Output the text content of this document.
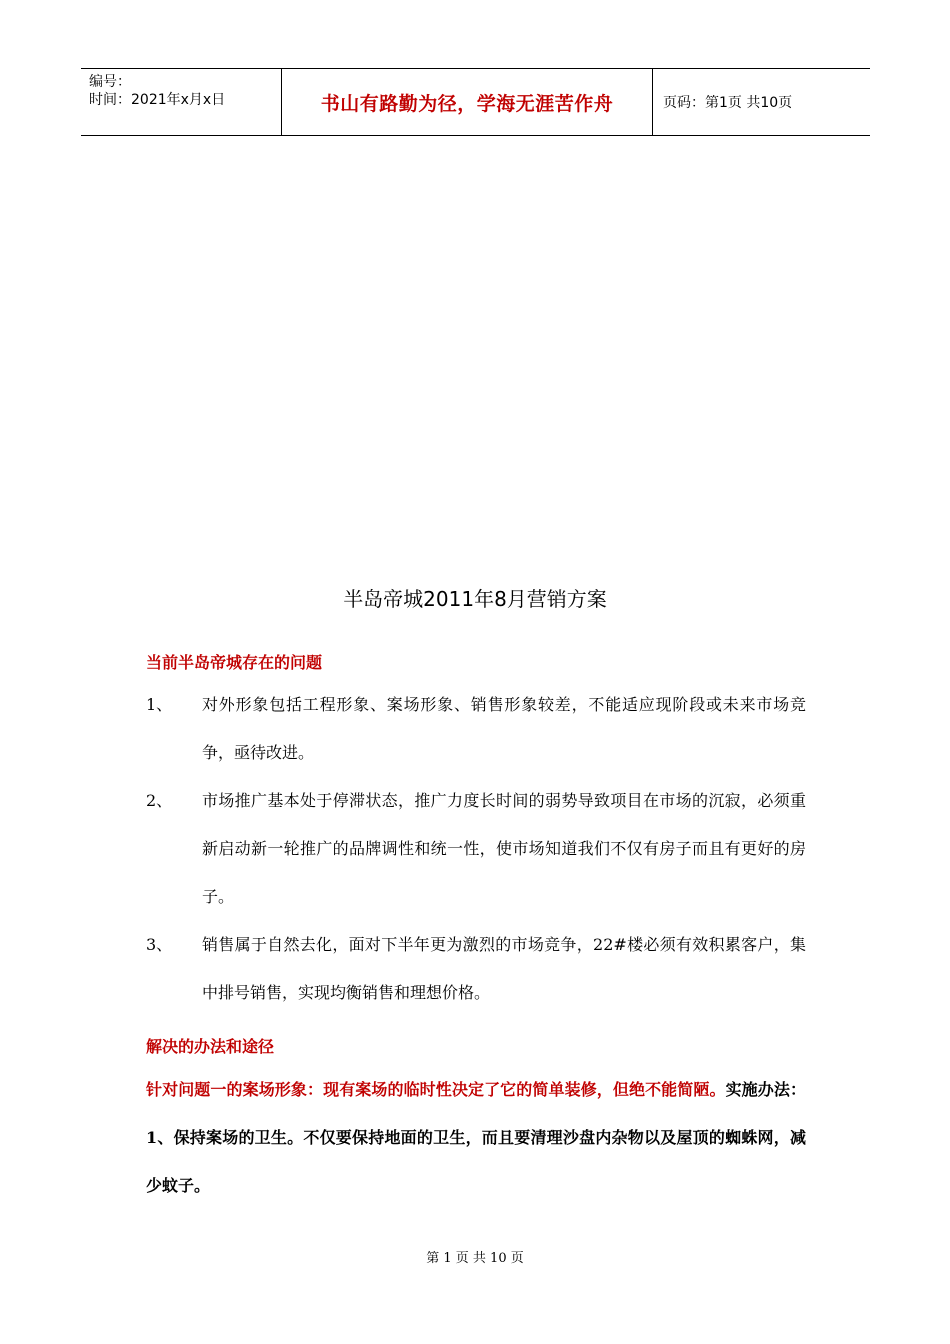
编号：
时间：2021年x月x日	书山有路勤为径，学海无涯苦作舟	页码：第1页 共10页
半岛帝城2011年8月营销方案
当前半岛帝城存在的问题
1、 对外形象包括工程形象、案场形象、销售形象较差，不能适应现阶段或未来市场竞争，亟待改进。
2、 市场推广基本处于停滞状态，推广力度长时间的弱势导致项目在市场的沉寂，必须重新启动新一轮推广的品牌调性和统一性，使市场知道我们不仅有房子而且有更好的房子。
3、 销售属于自然去化，面对下半年更为激烈的市场竞争，22#楼必须有效积累客户，集中排号销售，实现均衡销售和理想价格。
解决的办法和途径
针对问题一的案场形象：现有案场的临时性决定了它的简单装修，但绝不能简陋。实施办法：1、保持案场的卫生。不仅要保持地面的卫生，而且要清理沙盘内杂物以及屋顶的蜘蛛网，减少蚊子。
第 1 页 共 10 页
